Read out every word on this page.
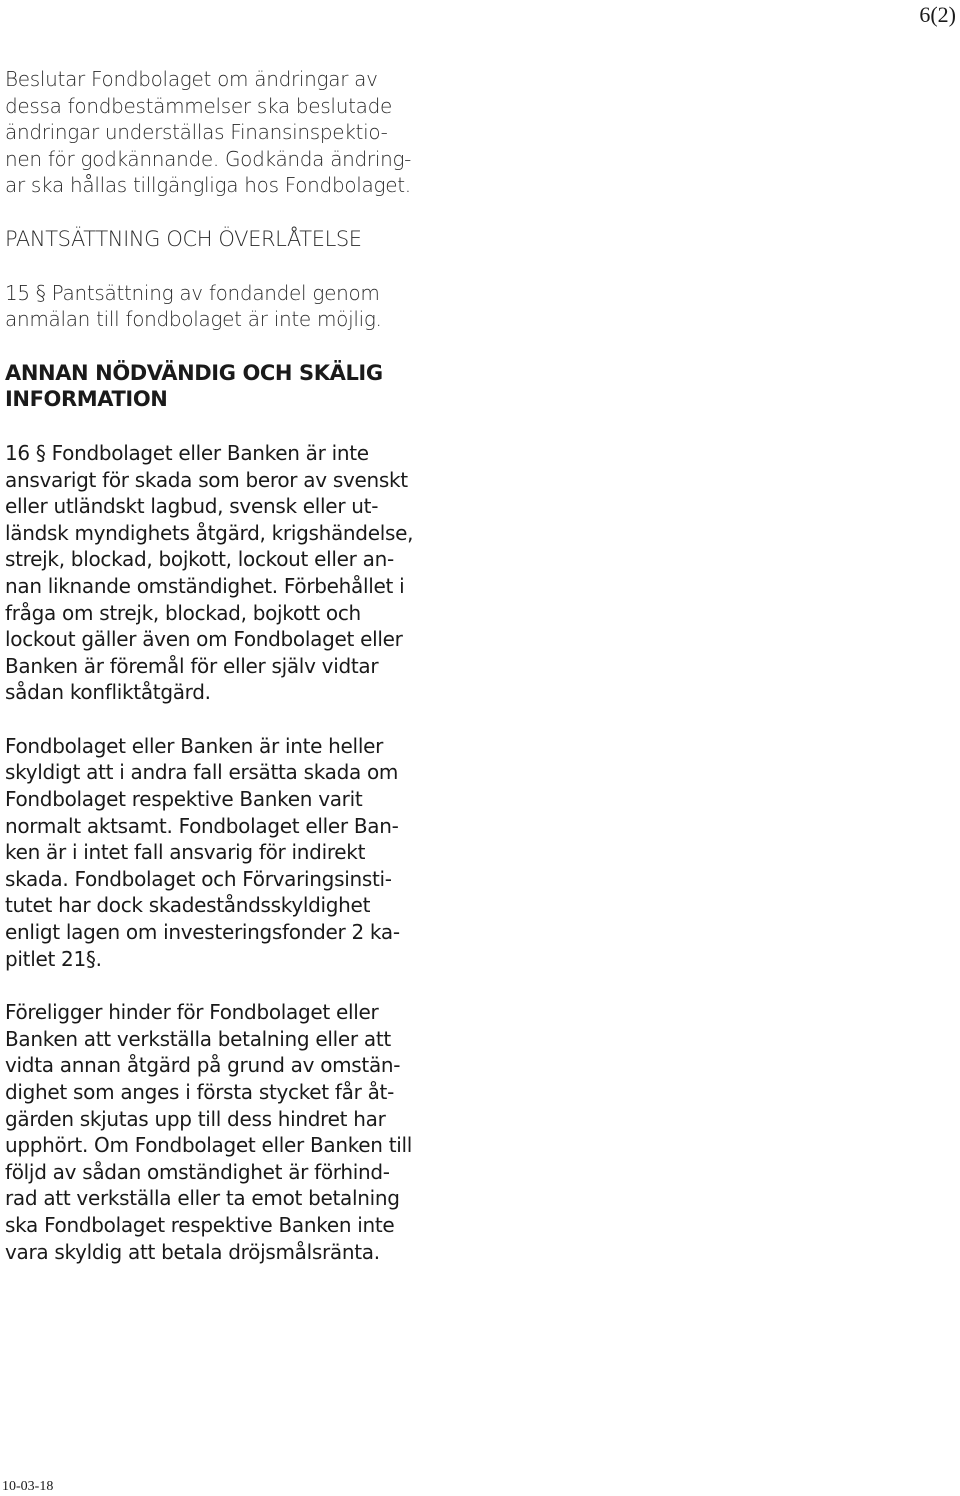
6(2)

Beslutar Fondbolaget om ändringar av
dessa fondbestämmelser ska beslutade
ändringar underställas Finansinspektio-
nen för godkännande. Godkända ändring-
ar ska hållas tillgängliga hos Fondbolaget.

PANTSÄTTNING OCH ÖVERLÅTELSE

15 § Pantsättning av fondandel genom
anmälan till fondbolaget är inte möjlig.

ANNAN NÖDVÄNDIG OCH SKÄLIG
INFORMATION

16 § Fondbolaget eller Banken är inte
ansvarigt för skada som beror av svenskt
eller utländskt lagbud, svensk eller ut-
ländsk myndighets åtgärd, krigshändelse,
strejk, blockad, bojkott, lockout eller an-
nan liknande omständighet. Förbehållet i
fråga om strejk, blockad, bojkott och
lockout gäller även om Fondbolaget eller
Banken är föremål för eller själv vidtar
sådan konfliktåtgärd.

Fondbolaget eller Banken är inte heller
skyldigt att i andra fall ersätta skada om
Fondbolaget respektive Banken varit
normalt aktsamt. Fondbolaget eller Ban-
ken är i intet fall ansvarig för indirekt
skada. Fondbolaget och Förvaringsinsti-
tutet har dock skadeståndsskyldighet
enligt lagen om investeringsfonder 2 ka-
pitlet 21§.

Föreligger hinder för Fondbolaget eller
Banken att verkställa betalning eller att
vidta annan åtgärd på grund av omstän-
dighet som anges i första stycket får åt-
gärden skjutas upp till dess hindret har
upphört. Om Fondbolaget eller Banken till
följd av sådan omständighet är förhind-
rad att verkställa eller ta emot betalning
ska Fondbolaget respektive Banken inte
vara skyldig att betala dröjsmålsränta.

10-03-18
